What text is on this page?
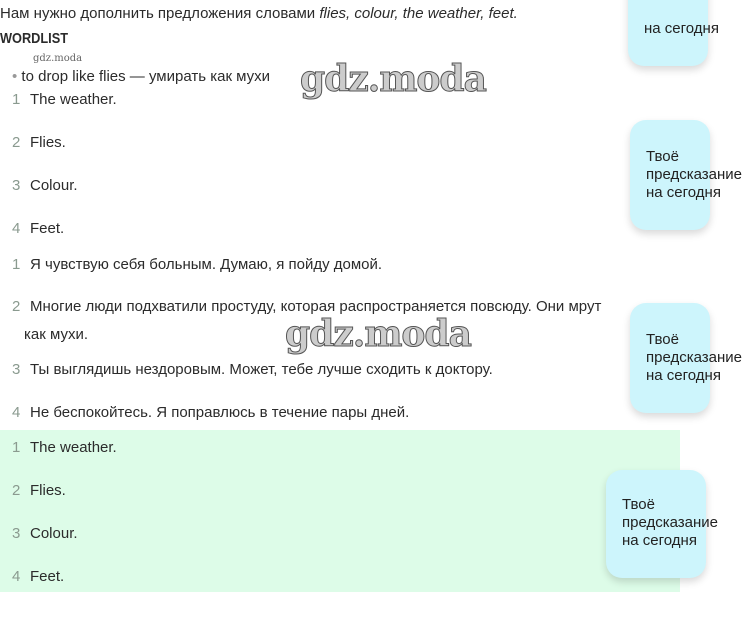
Нам нужно дополнить предложения словами flies, colour, the weather, feet.
WORDLIST
gdz.moda
• to drop like flies — умирать как мухи gdz.moda
gdz.moda
1 The weather.
2 Flies.
3 Colour.
4 Feet.
1 Я чувствую себя больным. Думаю, я пойду домой.
2 Многие люди подхватили простуду, которая распространяется повсюду. Они мрут
как мухи.
3 Ты выглядишь нездоровым. Может, тебе лучше сходить к доктору.
4 Не беспокойтесь. Я поправлюсь в течение пары дней.
1 The weather.
2 Flies.
3 Colour.
4 Feet.
на сегодня
Твоё
предсказание
на сегодня
Твоё
предсказание
на сегодня
Твоё
предсказание
на сегодня
